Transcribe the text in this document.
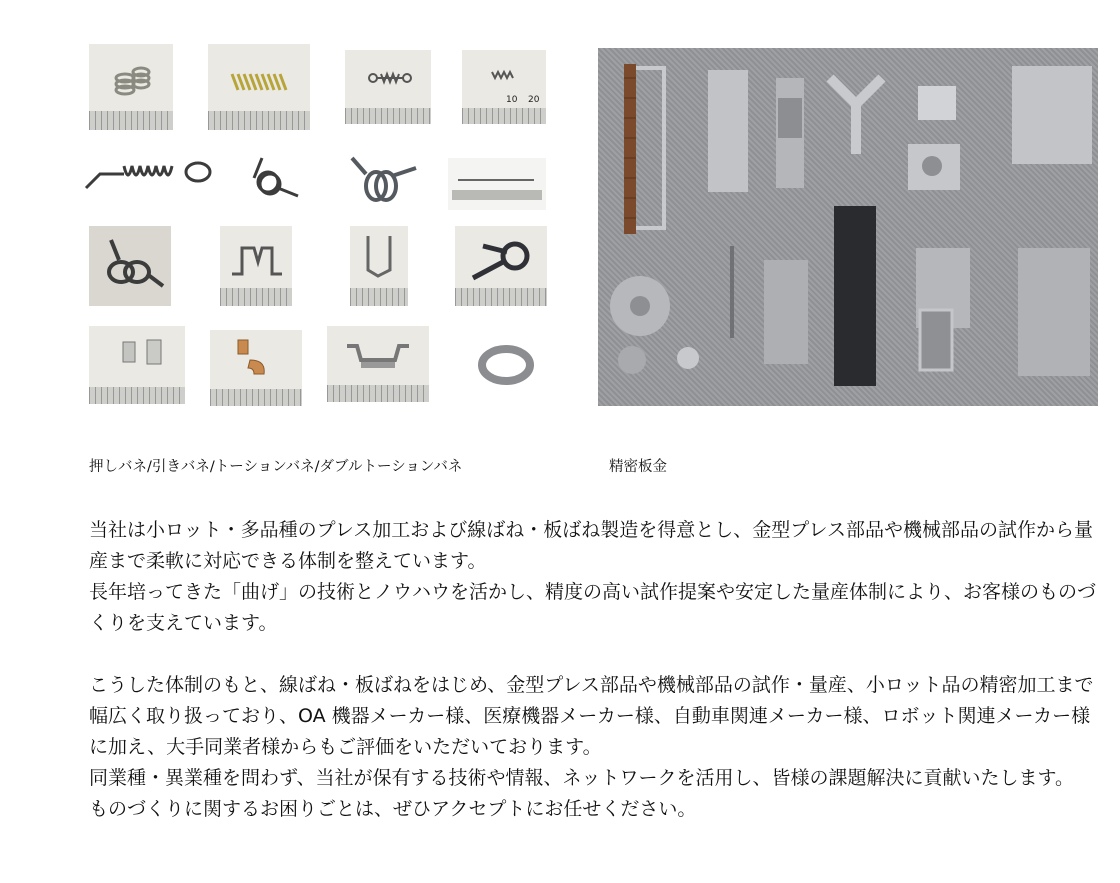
10 20
押しバネ/引きバネ/トーションバネ/ダブルトーションバネ	精密板金

当社は小ロット・多品種のプレス加工および線ばね・板ばね製造を得意とし、金型プレス部品や機械部品の試作から量産まで柔軟に対応できる体制を整えています。

長年培ってきた「曲げ」の技術とノウハウを活かし、精度の高い試作提案や安定した量産体制により、お客様のものづくりを支えています。

こうした体制のもと、線ばね・板ばねをはじめ、金型プレス部品や機械部品の試作・量産、小ロット品の精密加工まで幅広く取り扱っており、OA 機器メーカー様、医療機器メーカー様、自動車関連メーカー様、ロボット関連メーカー様に加え、大手同業者様からもご評価をいただいております。

同業種・異業種を問わず、当社が保有する技術や情報、ネットワークを活用し、皆様の課題解決に貢献いたします。

ものづくりに関するお困りごとは、ぜひアクセプトにお任せください。
